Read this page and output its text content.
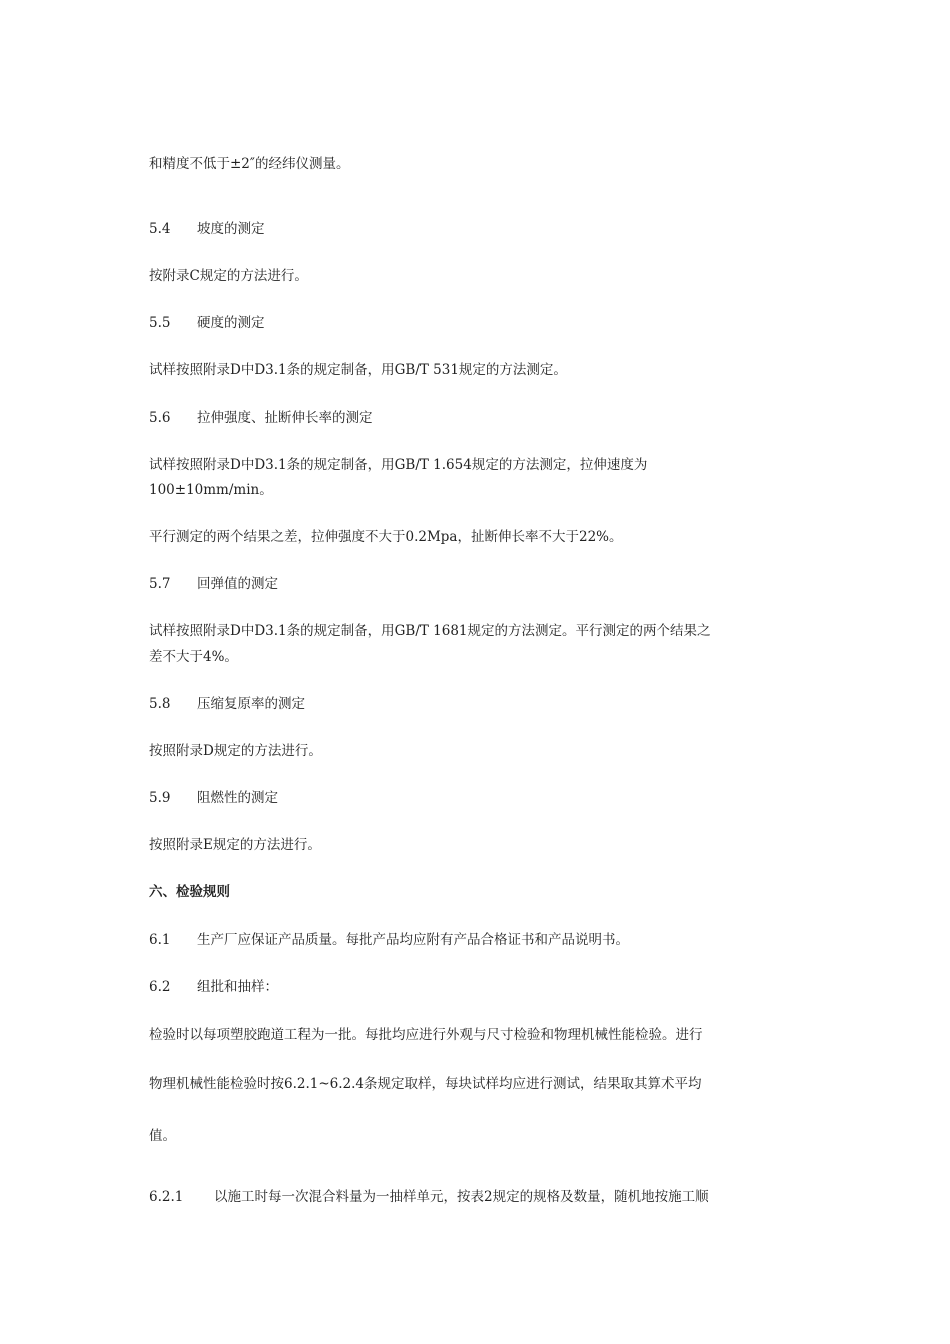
和精度不低于±2″的经纬仪测量。
5.4 坡度的测定
按附录C规定的方法进行。
5.5 硬度的测定
试样按照附录D中D3.1条的规定制备，用GB/T 531规定的方法测定。
5.6 拉伸强度、扯断伸长率的测定
试样按照附录D中D3.1条的规定制备，用GB/T 1.654规定的方法测定，拉伸速度为
100±10mm/min。
平行测定的两个结果之差，拉伸强度不大于0.2Mpa，扯断伸长率不大于22%。
5.7 回弹值的测定
试样按照附录D中D3.1条的规定制备，用GB/T 1681规定的方法测定。平行测定的两个结果之
差不大于4%。
5.8 压缩复原率的测定
按照附录D规定的方法进行。
5.9 阻燃性的测定
按照附录E规定的方法进行。
六、检验规则
6.1 生产厂应保证产品质量。每批产品均应附有产品合格证书和产品说明书。
6.2 组批和抽样：
检验时以每项塑胶跑道工程为一批。每批均应进行外观与尺寸检验和物理机械性能检验。进行
物理机械性能检验时按6.2.1~6.2.4条规定取样，每块试样均应进行测试，结果取其算术平均
值。
6.2.1 以施工时每一次混合料量为一抽样单元，按表2规定的规格及数量，随机地按施工顺
